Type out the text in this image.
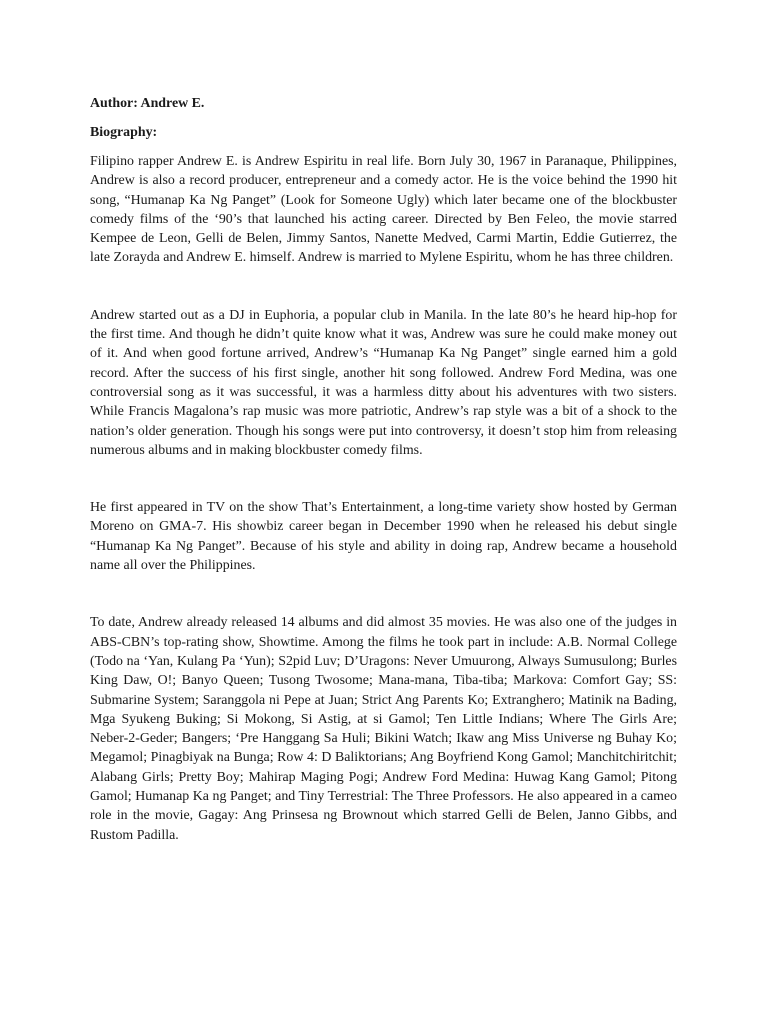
Author: Andrew E.

Biography:

Filipino rapper Andrew E. is Andrew Espiritu in real life. Born July 30, 1967 in Paranaque, Philippines, Andrew is also a record producer, entrepreneur and a comedy actor. He is the voice behind the 1990 hit song, “Humanap Ka Ng Panget” (Look for Someone Ugly) which later became one of the blockbuster comedy films of the ‘90’s that launched his acting career. Directed by Ben Feleo, the movie starred Kempee de Leon, Gelli de Belen, Jimmy Santos, Nanette Medved, Carmi Martin, Eddie Gutierrez, the late Zorayda and Andrew E. himself. Andrew is married to Mylene Espiritu, whom he has three children.

Andrew started out as a DJ in Euphoria, a popular club in Manila. In the late 80’s he heard hip-hop for the first time. And though he didn’t quite know what it was, Andrew was sure he could make money out of it. And when good fortune arrived, Andrew’s “Humanap Ka Ng Panget” single earned him a gold record. After the success of his first single, another hit song followed. Andrew Ford Medina, was one controversial song as it was successful, it was a harmless ditty about his adventures with two sisters. While Francis Magalona’s rap music was more patriotic, Andrew’s rap style was a bit of a shock to the nation’s older generation. Though his songs were put into controversy, it doesn’t stop him from releasing numerous albums and in making blockbuster comedy films.

He first appeared in TV on the show That’s Entertainment, a long-time variety show hosted by German Moreno on GMA-7. His showbiz career began in December 1990 when he released his debut single “Humanap Ka Ng Panget”. Because of his style and ability in doing rap, Andrew became a household name all over the Philippines.

To date, Andrew already released 14 albums and did almost 35 movies. He was also one of the judges in ABS-CBN’s top-rating show, Showtime. Among the films he took part in include: A.B. Normal College (Todo na ‘Yan, Kulang Pa ‘Yun); S2pid Luv; D’Uragons: Never Umuurong, Always Sumusulong; Burles King Daw, O!; Banyo Queen; Tusong Twosome; Mana-mana, Tiba-tiba; Markova: Comfort Gay; SS: Submarine System; Saranggola ni Pepe at Juan; Strict Ang Parents Ko; Extranghero; Matinik na Bading, Mga Syukeng Buking; Si Mokong, Si Astig, at si Gamol; Ten Little Indians; Where The Girls Are; Neber-2-Geder; Bangers; ‘Pre Hanggang Sa Huli; Bikini Watch; Ikaw ang Miss Universe ng Buhay Ko; Megamol; Pinagbiyak na Bunga; Row 4: D Baliktorians; Ang Boyfriend Kong Gamol; Manchitchiritchit; Alabang Girls; Pretty Boy; Mahirap Maging Pogi; Andrew Ford Medina: Huwag Kang Gamol; Pitong Gamol; Humanap Ka ng Panget; and Tiny Terrestrial: The Three Professors. He also appeared in a cameo role in the movie, Gagay: Ang Prinsesa ng Brownout which starred Gelli de Belen, Janno Gibbs, and Rustom Padilla.
